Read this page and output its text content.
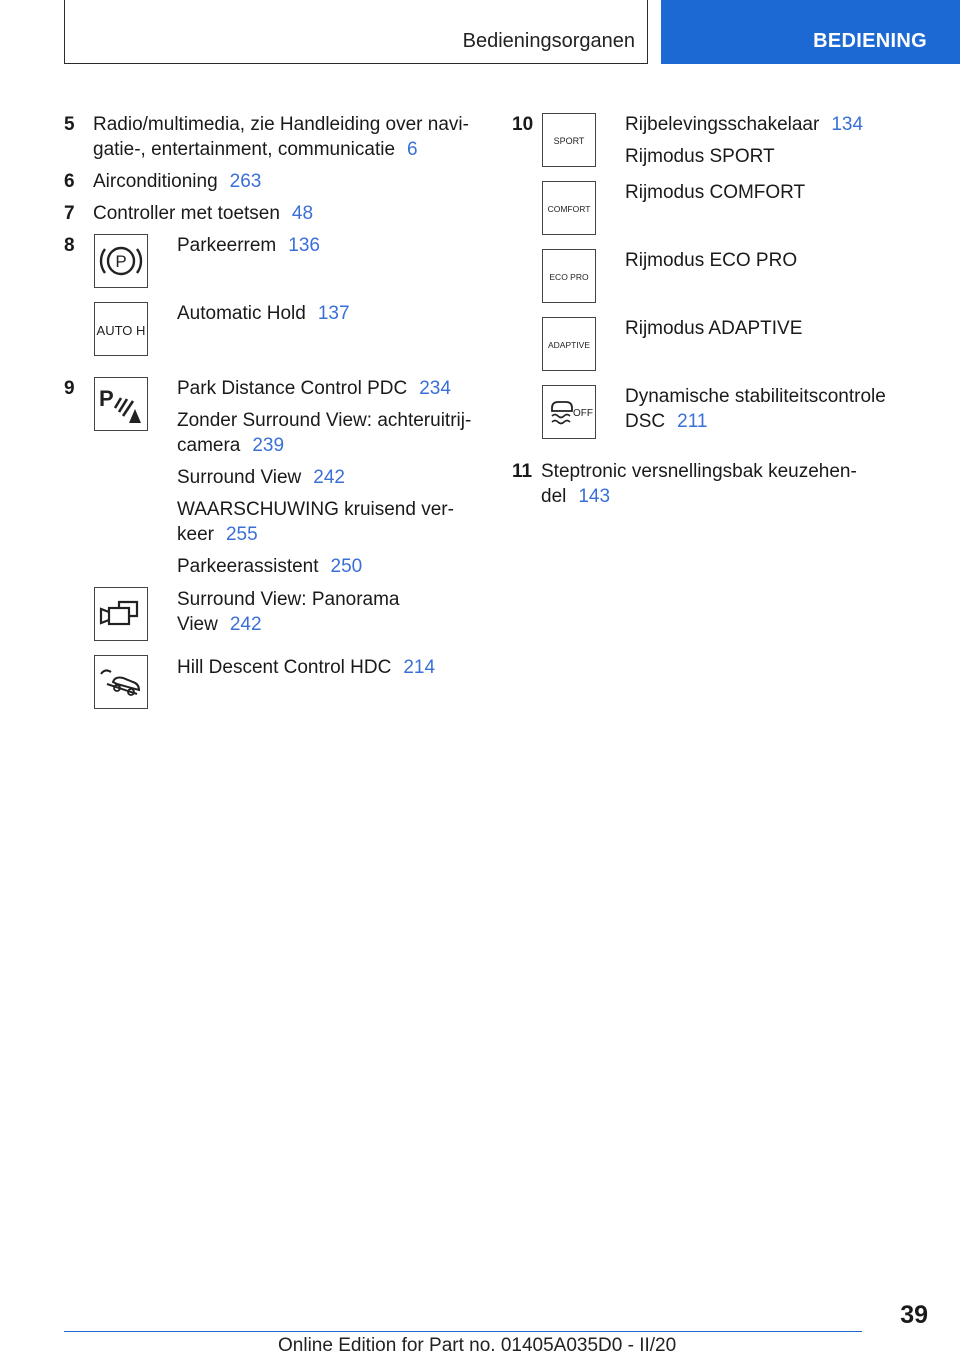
Bedieningsorganen	BEDIENING
5 Radio/multimedia, zie Handleiding over navi-
gatie-, entertainment, communicatie 6
6 Airconditioning 263
7 Controller met toetsen 48
8
P
Parkeerrem 136
AUTO H
Automatic Hold 137
9 P	Park Distance Control PDC 234
Zonder Surround View: achteruitrij-
camera 239
Surround View 242
WAARSCHUWING kruisend ver-
keer 255
Parkeerassistent 250
Surround View: Panorama
View 242
Hill Descent Control HDC 214
10
SPORT
Rijbelevingsschakelaar 134
Rijmodus SPORT
COMFORT
Rijmodus COMFORT
ECO PRO
Rijmodus ECO PRO
ADAPTIVE
Rijmodus ADAPTIVE
OFF
Dynamische stabiliteitscontrole
DSC 211
11 Steptronic versnellingsbak keuzehen-
del 143
39
Online Edition for Part no. 01405A035D0 - II/20
